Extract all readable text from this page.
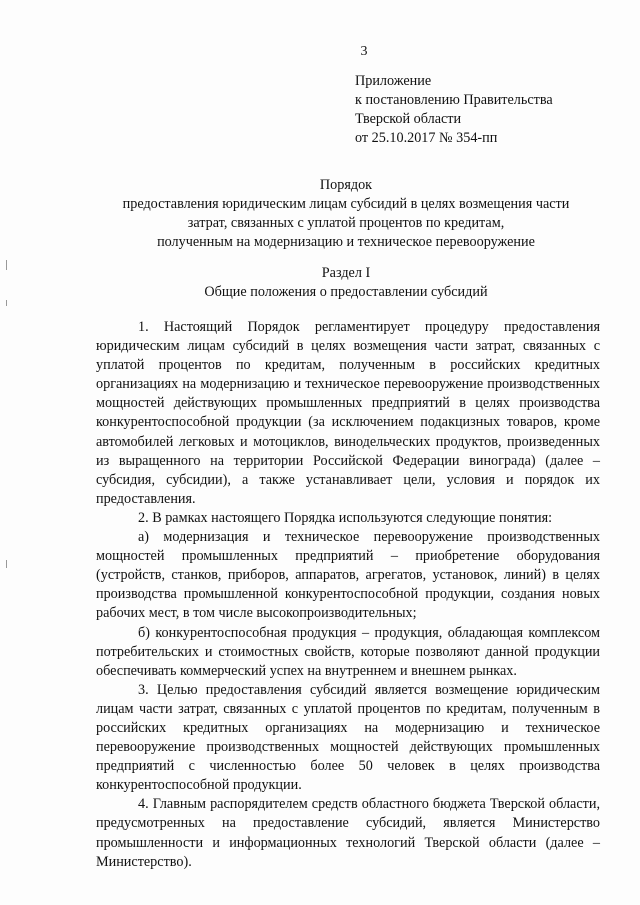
3
Приложение
к постановлению Правительства
Тверской области
от 25.10.2017 № 354-пп
Порядок
предоставления юридическим лицам субсидий в целях возмещения части
затрат, связанных с уплатой процентов по кредитам,
полученным на модернизацию и техническое перевооружение
Раздел I
Общие положения о предоставлении субсидий

1. Настоящий Порядок регламентирует процедуру предоставления юридическим лицам субсидий в целях возмещения части затрат, связанных с уплатой процентов по кредитам, полученным в российских кредитных организациях на модернизацию и техническое перевооружение производственных мощностей действующих промышленных предприятий в целях производства конкурентоспособной продукции (за исключением подакцизных товаров, кроме автомобилей легковых и мотоциклов, винодельческих продуктов, произведенных из выращенного на территории Российской Федерации винограда) (далее – субсидия, субсидии), а также устанавливает цели, условия и порядок их предоставления.

2. В рамках настоящего Порядка используются следующие понятия:

а) модернизация и техническое перевооружение производственных мощностей промышленных предприятий – приобретение оборудования (устройств, станков, приборов, аппаратов, агрегатов, установок, линий) в целях производства промышленной конкурентоспособной продукции, создания новых рабочих мест, в том числе высокопроизводительных;

б) конкурентоспособная продукция – продукция, обладающая комплексом потребительских и стоимостных свойств, которые позволяют данной продукции обеспечивать коммерческий успех на внутреннем и внешнем рынках.

3. Целью предоставления субсидий является возмещение юридическим лицам части затрат, связанных с уплатой процентов по кредитам, полученным в российских кредитных организациях на модернизацию и техническое перевооружение производственных мощностей действующих промышленных предприятий с численностью более 50 человек в целях производства конкурентоспособной продукции.

4. Главным распорядителем средств областного бюджета Тверской области, предусмотренных на предоставление субсидий, является Министерство промышленности и информационных технологий Тверской области (далее – Министерство).
